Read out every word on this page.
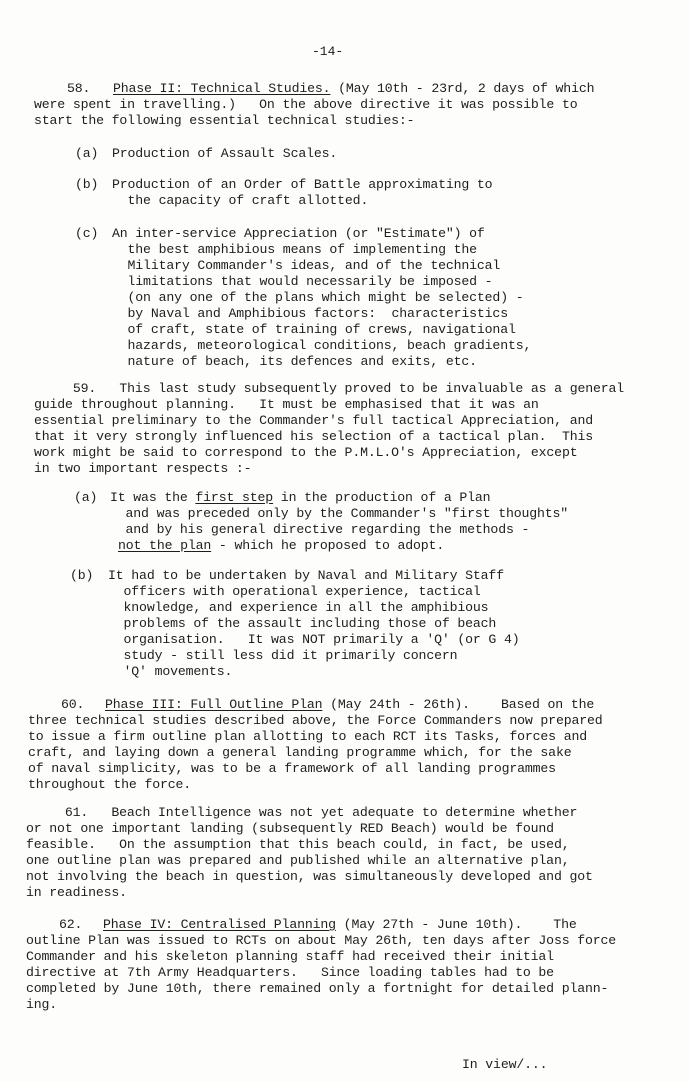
-14-
58. Phase II: Technical Studies. (May 10th - 23rd, 2 days of which
were spent in travelling.)   On the above directive it was possible to
start the following essential technical studies:-
(a) Production of Assault Scales.
(b) Production of an Order of Battle approximating to
the capacity of craft allotted.
(c) An inter-service Appreciation (or "Estimate") of
the best amphibious means of implementing the
Military Commander's ideas, and of the technical
limitations that would necessarily be imposed -
(on any one of the plans which might be selected) -
by Naval and Amphibious factors:  characteristics
of craft, state of training of crews, navigational
hazards, meteorological conditions, beach gradients,
nature of beach, its defences and exits, etc.
59.   This last study subsequently proved to be invaluable as a general
guide throughout planning.   It must be emphasised that it was an
essential preliminary to the Commander's full tactical Appreciation, and
that it very strongly influenced his selection of a tactical plan.  This
work might be said to correspond to the P.M.L.O's Appreciation, except
in two important respects :-
(a) It was the first step in the production of a Plan
and was preceded only by the Commander's "first thoughts"
and by his general directive regarding the methods -
not the plan - which he proposed to adopt.
(b) It had to be undertaken by Naval and Military Staff
officers with operational experience, tactical
knowledge, and experience in all the amphibious
problems of the assault including those of beach
organisation.   It was NOT primarily a 'Q' (or G 4)
study - still less did it primarily concern
'Q' movements.
60. Phase III: Full Outline Plan (May 24th - 26th).    Based on the
three technical studies described above, the Force Commanders now prepared
to issue a firm outline plan allotting to each RCT its Tasks, forces and
craft, and laying down a general landing programme which, for the sake
of naval simplicity, was to be a framework of all landing programmes
throughout the force.
61.   Beach Intelligence was not yet adequate to determine whether
or not one important landing (subsequently RED Beach) would be found
feasible.   On the assumption that this beach could, in fact, be used,
one outline plan was prepared and published while an alternative plan,
not involving the beach in question, was simultaneously developed and got
in readiness.
62. Phase IV: Centralised Planning (May 27th - June 10th).    The
outline Plan was issued to RCTs on about May 26th, ten days after Joss force
Commander and his skeleton planning staff had received their initial
directive at 7th Army Headquarters.   Since loading tables had to be
completed by June 10th, there remained only a fortnight for detailed plann-
ing.
In view/...
